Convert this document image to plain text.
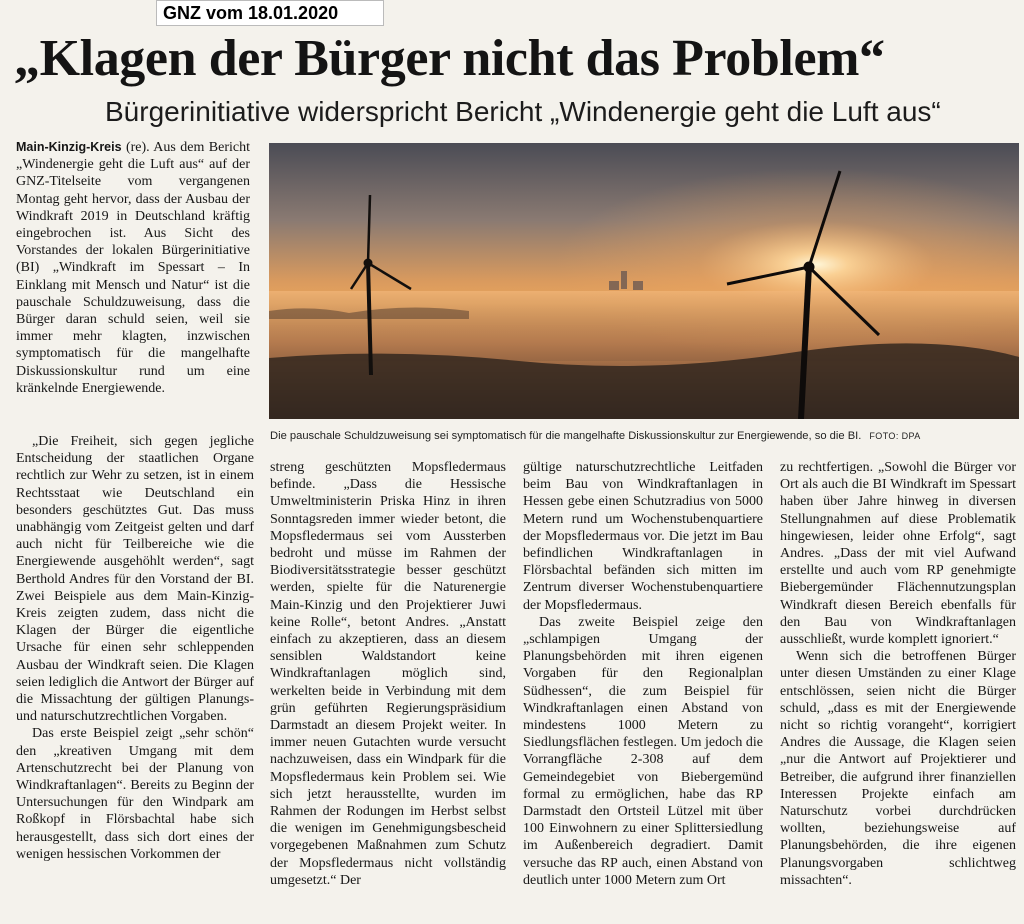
GNZ vom 18.01.2020
„Klagen der Bürger nicht das Problem“
Bürgerinitiative widerspricht Bericht „Windenergie geht die Luft aus“

Main-Kinzig-Kreis (re). Aus dem Bericht „Windenergie geht die Luft aus“ auf der GNZ-Titelseite vom vergangenen Montag geht hervor, dass der Ausbau der Windkraft 2019 in Deutschland kräftig eingebrochen ist. Aus Sicht des Vorstandes der lokalen Bürgerinitiative (BI) „Windkraft im Spessart – In Einklang mit Mensch und Natur“ ist die pauschale Schuldzuweisung, dass die Bürger daran schuld seien, weil sie immer mehr klagten, inzwischen symptomatisch für die mangelhafte Diskussionskultur rund um eine kränkelnde Energiewende.

Die pauschale Schuldzuweisung sei symptomatisch für die mangelhafte Diskussionskultur zur Energiewende, so die BI. FOTO: DPA

„Die Freiheit, sich gegen jegliche Entscheidung der staatlichen Organe rechtlich zur Wehr zu setzen, ist in einem Rechtsstaat wie Deutschland ein besonders geschütztes Gut. Das muss unabhängig vom Zeitgeist gelten und darf auch nicht für Teilbereiche wie die Energiewende ausgehöhlt werden“, sagt Berthold Andres für den Vorstand der BI. Zwei Beispiele aus dem Main-Kinzig-Kreis zeigten zudem, dass nicht die Klagen der Bürger die eigentliche Ursache für einen sehr schleppenden Ausbau der Windkraft seien. Die Klagen seien lediglich die Antwort der Bürger auf die Missachtung der gültigen Planungs- und naturschutzrechtlichen Vorgaben.

Das erste Beispiel zeigt „sehr schön“ den „kreativen Umgang mit dem Artenschutzrecht bei der Planung von Windkraftanlagen“. Bereits zu Beginn der Untersuchungen für den Windpark am Roßkopf in Flörsbachtal habe sich herausgestellt, dass sich dort eines der wenigen hessischen Vorkommen der

streng geschützten Mopsfledermaus befinde. „Dass die Hessische Umweltministerin Priska Hinz in ihren Sonntagsreden immer wieder betont, die Mopsfledermaus sei vom Aussterben bedroht und müsse im Rahmen der Biodiversitätsstrategie besser geschützt werden, spielte für die Naturenergie Main-Kinzig und den Projektierer Juwi keine Rolle“, betont Andres. „Anstatt einfach zu akzeptieren, dass an diesem sensiblen Waldstandort keine Windkraftanlagen möglich sind, werkelten beide in Verbindung mit dem grün geführten Regierungspräsidium Darmstadt an diesem Projekt weiter. In immer neuen Gutachten wurde versucht nachzuweisen, dass ein Windpark für die Mopsfledermaus kein Problem sei. Wie sich jetzt herausstellte, wurden im Rahmen der Rodungen im Herbst selbst die wenigen im Genehmigungsbescheid vorgegebenen Maßnahmen zum Schutz der Mopsfledermaus nicht vollständig umgesetzt.“ Der

gültige naturschutzrechtliche Leitfaden beim Bau von Windkraftanlagen in Hessen gebe einen Schutzradius von 5000 Metern rund um Wochenstubenquartiere der Mopsfledermaus vor. Die jetzt im Bau befindlichen Windkraftanlagen in Flörsbachtal befänden sich mitten im Zentrum diverser Wochenstubenquartiere der Mopsfledermaus.

Das zweite Beispiel zeige den „schlampigen Umgang der Planungsbehörden mit ihren eigenen Vorgaben für den Regionalplan Südhessen“, die zum Beispiel für Windkraftanlagen einen Abstand von mindestens 1000 Metern zu Siedlungsflächen festlegen. Um jedoch die Vorrangfläche 2-308 auf dem Gemeindegebiet von Biebergemünd formal zu ermöglichen, habe das RP Darmstadt den Ortsteil Lützel mit über 100 Einwohnern zu einer Splittersiedlung im Außenbereich degradiert. Damit versuche das RP auch, einen Abstand von deutlich unter 1000 Metern zum Ort

zu rechtfertigen. „Sowohl die Bürger vor Ort als auch die BI Windkraft im Spessart haben über Jahre hinweg in diversen Stellungnahmen auf diese Problematik hingewiesen, leider ohne Erfolg“, sagt Andres. „Dass der mit viel Aufwand erstellte und auch vom RP genehmigte Biebergemünder Flächennutzungsplan Windkraft diesen Bereich ebenfalls für den Bau von Windkraftanlagen ausschließt, wurde komplett ignoriert.“

Wenn sich die betroffenen Bürger unter diesen Umständen zu einer Klage entschlössen, seien nicht die Bürger schuld, „dass es mit der Energiewende nicht so richtig vorangeht“, korrigiert Andres die Aussage, die Klagen seien „nur die Antwort auf Projektierer und Betreiber, die aufgrund ihrer finanziellen Interessen Projekte einfach am Naturschutz vorbei durchdrücken wollten, beziehungsweise auf Planungsbehörden, die ihre eigenen Planungsvorgaben schlichtweg missachten“.
